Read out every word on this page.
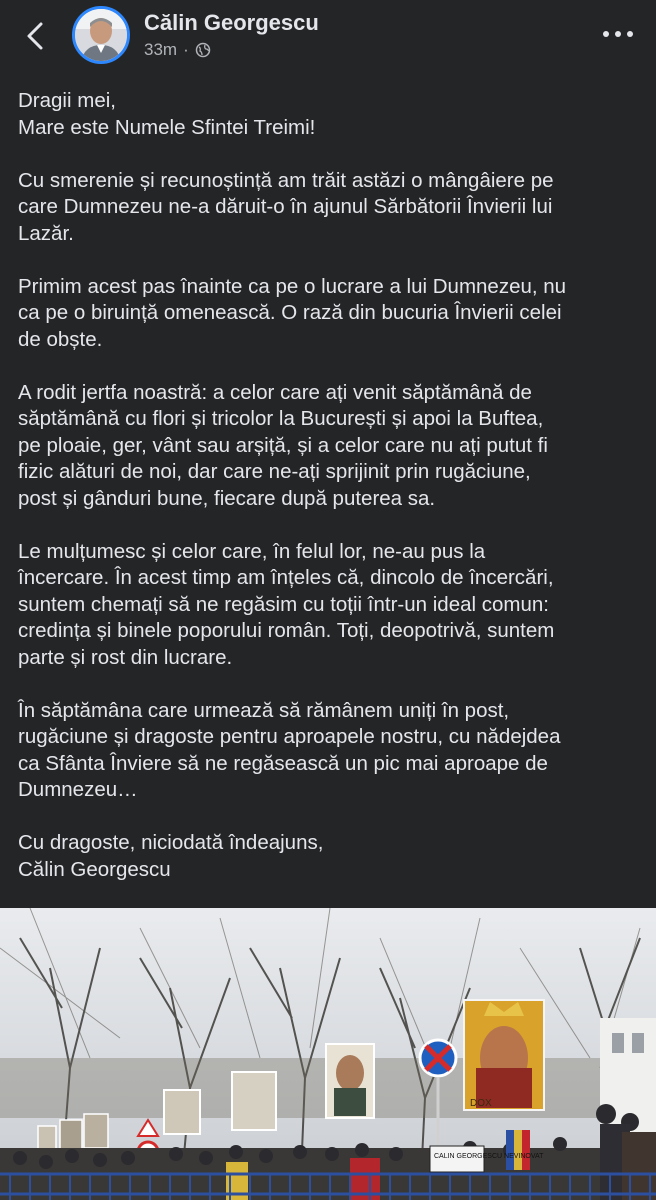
Călin Georgescu
33m ·

Dragii mei,
Mare este Numele Sfintei Treimi!

Cu smerenie și recunoștință am trăit astăzi o mângâiere pe
care Dumnezeu ne-a dăruit-o în ajunul Sărbătorii Învierii lui
Lazăr.

Primim acest pas înainte ca pe o lucrare a lui Dumnezeu, nu
ca pe o biruință omenească. O rază din bucuria Învierii celei
de obște.

A rodit jertfa noastră: a celor care ați venit săptămână de
săptămână cu flori și tricolor la București și apoi la Buftea,
pe ploaie, ger, vânt sau arșiță, și a celor care nu ați putut fi
fizic alături de noi, dar care ne-ați sprijinit prin rugăciune,
post și gânduri bune, fiecare după puterea sa.

Le mulțumesc și celor care, în felul lor, ne-au pus la
încercare. În acest timp am înțeles că, dincolo de încercări,
suntem chemați să ne regăsim cu toții într-un ideal comun:
credința și binele poporului român. Toți, deopotrivă, suntem
parte și rost din lucrare.

În săptămâna care urmează să rămânem uniți în post,
rugăciune și dragoste pentru aproapele nostru, cu nădejdea
ca Sfânta Înviere să ne regăsească un pic mai aproape de
Dumnezeu…

Cu dragoste, niciodată îndeajuns,
Călin Georgescu

DOX
CALIN GEORGESCU NEVINOVAT
